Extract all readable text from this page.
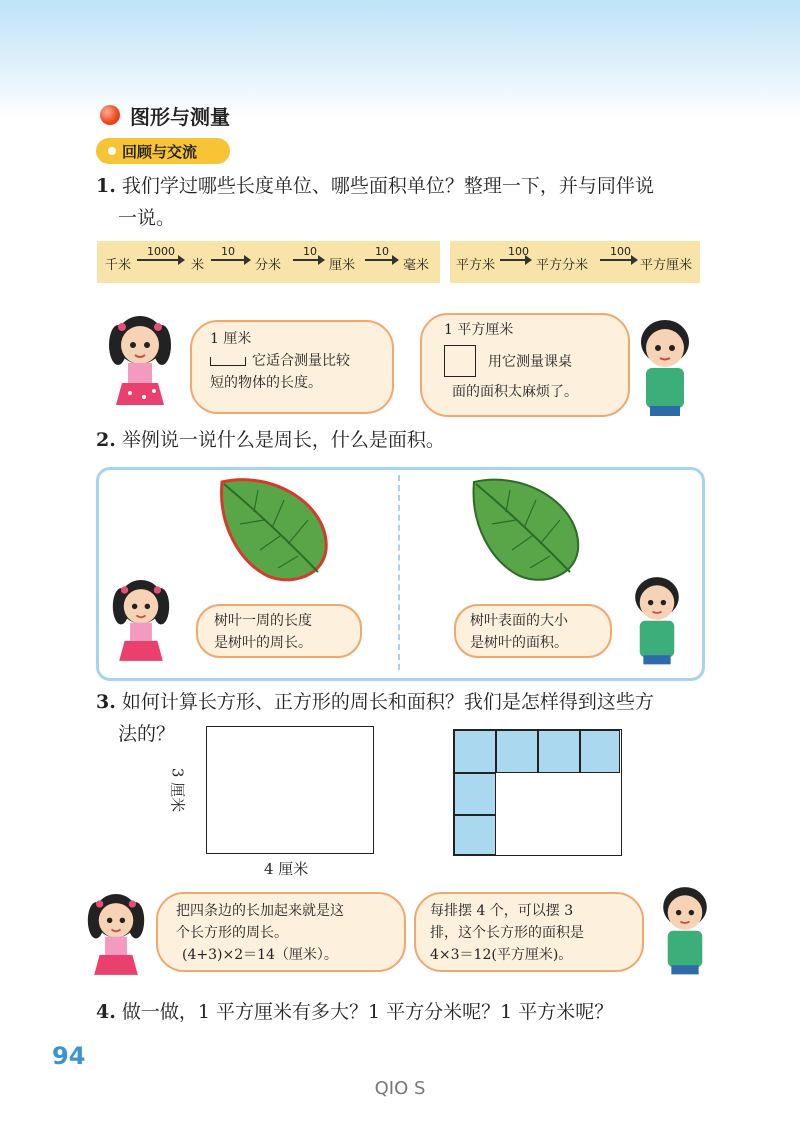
图形与测量
回顾与交流
1. 我们学过哪些长度单位、哪些面积单位？整理一下，并与同伴说
一说。
千米
1000
米
10
分米
10
厘米
10
毫米 平方米
100
平方分米
100
平方厘米
1 厘米
它适合测量比较
短的物体的长度。
1 平方厘米
用它测量课桌
面的面积太麻烦了。
2. 举例说一说什么是周长，什么是面积。
树叶一周的长度
是树叶的周长。
树叶表面的大小
是树叶的面积。
3. 如何计算长方形、正方形的周长和面积？我们是怎样得到这些方
法的？
3 厘米
4 厘米
把四条边的长加起来就是这
个长方形的周长。
(4+3)×2＝14（厘米）。
每排摆 4 个，可以摆 3
排，这个长方形的面积是
4×3＝12(平方厘米)。
4. 做一做，1 平方厘米有多大？1 平方分米呢？1 平方米呢？
94
QIO S
